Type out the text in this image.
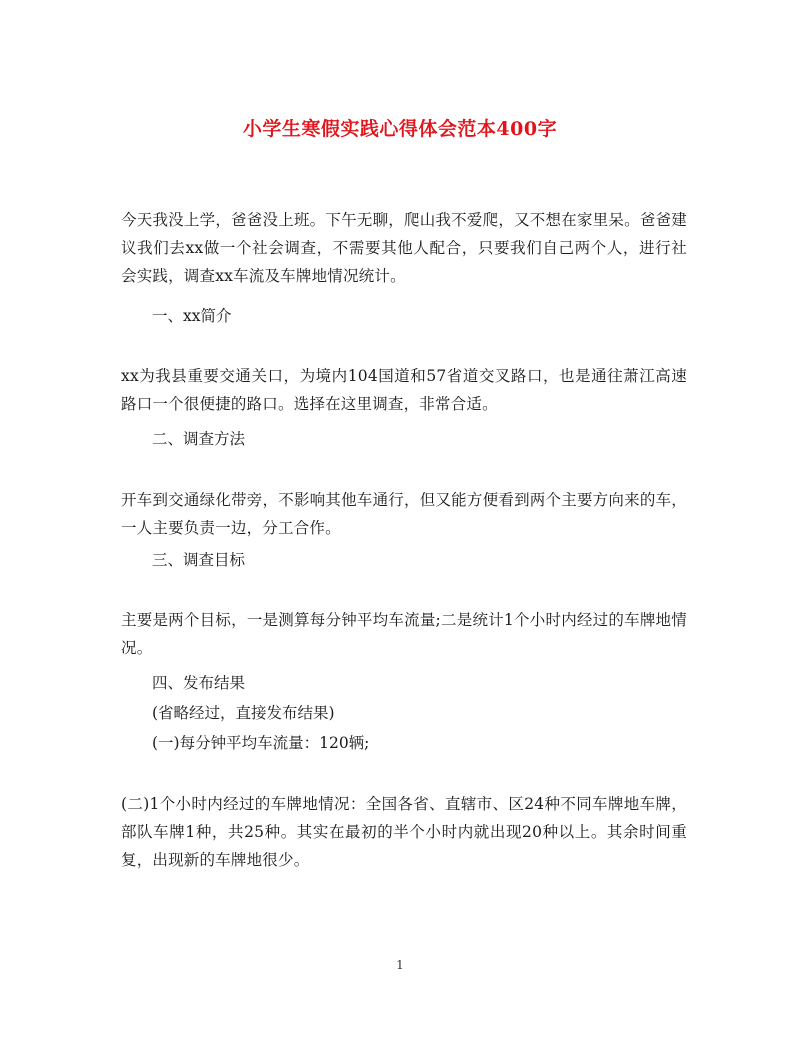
小学生寒假实践心得体会范本400字

今天我没上学，爸爸没上班。下午无聊，爬山我不爱爬，又不想在家里呆。爸爸建议我们去xx做一个社会调查，不需要其他人配合，只要我们自己两个人，进行社会实践，调查xx车流及车牌地情况统计。

一、xx简介

xx为我县重要交通关口，为境内104国道和57省道交叉路口，也是通往萧江高速路口一个很便捷的路口。选择在这里调查，非常合适。

二、调查方法

开车到交通绿化带旁，不影响其他车通行，但又能方便看到两个主要方向来的车，一人主要负责一边，分工合作。

三、调查目标

主要是两个目标，一是测算每分钟平均车流量;二是统计1个小时内经过的车牌地情况。

四、发布结果
(省略经过，直接发布结果)
(一)每分钟平均车流量：120辆;

(二)1个小时内经过的车牌地情况：全国各省、直辖市、区24种不同车牌地车牌，部队车牌1种，共25种。其实在最初的半个小时内就出现20种以上。其余时间重复，出现新的车牌地很少。

1
